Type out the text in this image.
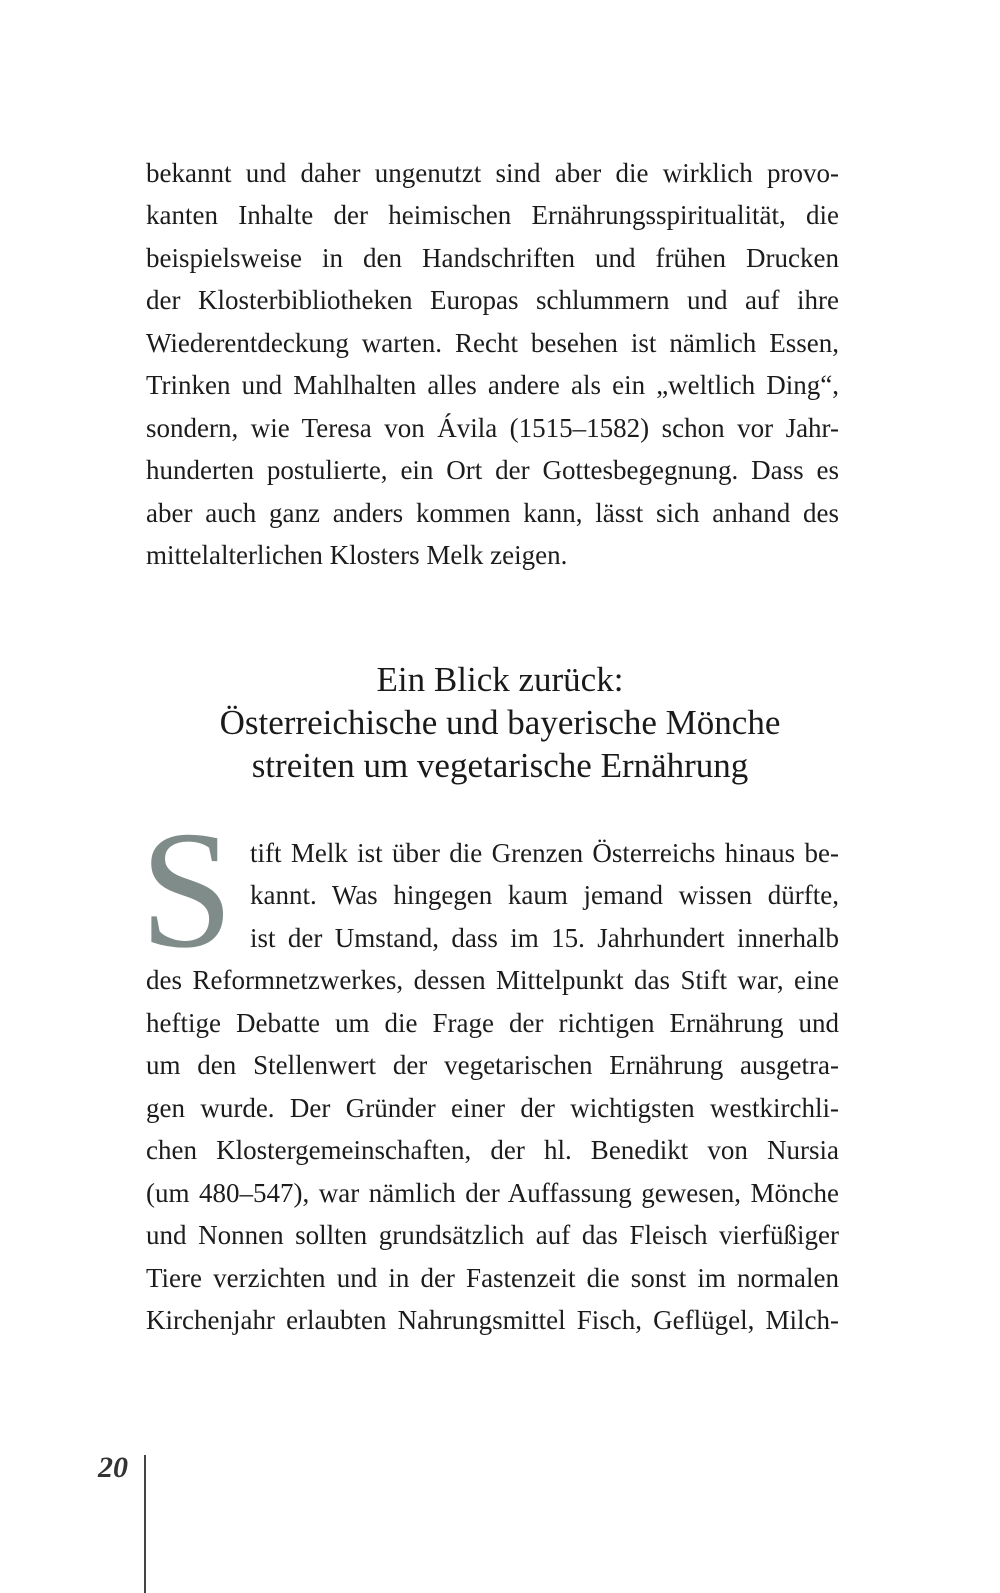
bekannt und daher ungenutzt sind aber die wirklich provo-
kanten Inhalte der heimischen Ernährungsspiritualität, die
beispielsweise in den Handschriften und frühen Drucken
der Klosterbibliotheken Europas schlummern und auf ihre
Wiederentdeckung warten. Recht besehen ist nämlich Essen,
Trinken und Mahlhalten alles andere als ein „weltlich Ding“,
sondern, wie Teresa von Ávila (1515–1582) schon vor Jahr-
hunderten postulierte, ein Ort der Gottesbegegnung. Dass es
aber auch ganz anders kommen kann, lässt sich anhand des
mittelalterlichen Klosters Melk zeigen.
Ein Blick zurück:
Österreichische und bayerische Mönche
streiten um vegetarische Ernährung
S tift Melk ist über die Grenzen Österreichs hinaus be-
kannt. Was hingegen kaum jemand wissen dürfte,
ist der Umstand, dass im 15. Jahrhundert innerhalb
des Reformnetzwerkes, dessen Mittelpunkt das Stift war, eine
heftige Debatte um die Frage der richtigen Ernährung und
um den Stellenwert der vegetarischen Ernährung ausgetra-
gen wurde. Der Gründer einer der wichtigsten westkirchli-
chen Klostergemeinschaften, der hl. Benedikt von Nursia
(um 480–547), war nämlich der Auffassung gewesen, Mönche
und Nonnen sollten grundsätzlich auf das Fleisch vierfüßiger
Tiere verzichten und in der Fastenzeit die sonst im normalen
Kirchenjahr erlaubten Nahrungsmittel Fisch, Geflügel, Milch-
20
